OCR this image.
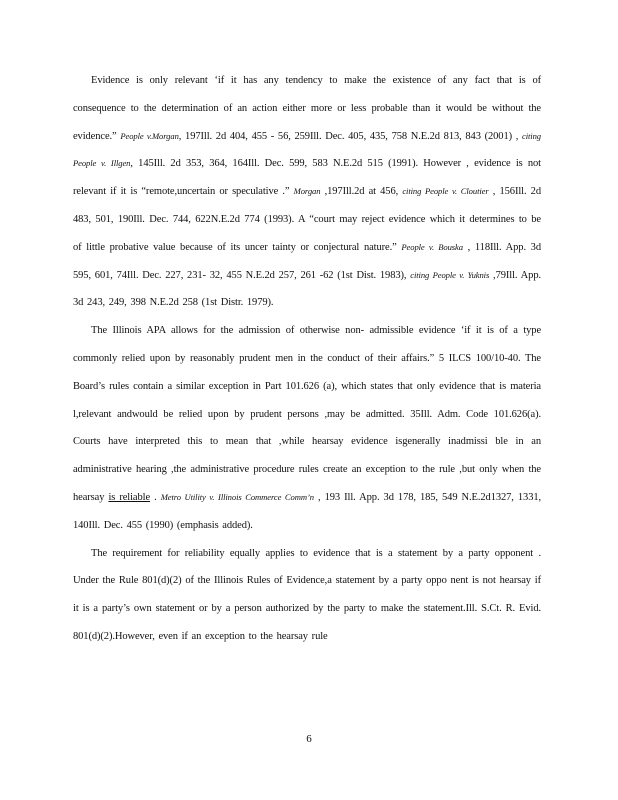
Evidence is only relevant ‘if it has any tendency to make the existence of any fact that is of consequence to the determination of an action either more or less probable than it would be without the evidence.” People v.Morgan, 197Ill. 2d 404, 455 - 56, 259Ill. Dec. 405, 435, 758 N.E.2d 813, 843 (2001) , citing People v. Illgen, 145Ill. 2d 353, 364, 164Ill. Dec. 599, 583 N.E.2d 515 (1991). However , evidence is not relevant if it is “remote,uncertain or speculative .” Morgan ,197Ill.2d at 456, citing People v. Cloutier , 156Ill. 2d 483, 501, 190Ill. Dec. 744, 622N.E.2d 774 (1993). A “court may reject evidence which it determines to be of little probative value because of its uncer tainty or conjectural nature.” People v. Bouska , 118Ill. App. 3d 595, 601, 74Ill. Dec. 227, 231- 32, 455 N.E.2d 257, 261 -62 (1st Dist. 1983), citing People v. Yuknis ,79Ill. App. 3d 243, 249, 398 N.E.2d 258 (1st Distr. 1979).

The Illinois APA allows for the admission of otherwise non- admissible evidence ‘if it is of a type commonly relied upon by reasonably prudent men in the conduct of their affairs.” 5 ILCS 100/10-40. The Board’s rules contain a similar exception in Part 101.626 (a), which states that only evidence that is materia l,relevant andwould be relied upon by prudent persons ,may be admitted. 35Ill. Adm. Code 101.626(a). Courts have interpreted this to mean that ,while hearsay evidence isgenerally inadmissi ble in an administrative hearing ,the administrative procedure rules create an exception to the rule ,but only when the hearsay is reliable . Metro Utility v. Illinois Commerce Comm’n , 193 Ill. App. 3d 178, 185, 549 N.E.2d1327, 1331, 140Ill. Dec. 455 (1990) (emphasis added).

The requirement for reliability equally applies to evidence that is a statement by a party opponent . Under the Rule 801(d)(2) of the Illinois Rules of Evidence,a statement by a party oppo nent is not hearsay if it is a party’s own statement or by a person authorized by the party to make the statement.Ill. S.Ct. R. Evid. 801(d)(2).However, even if an exception to the hearsay rule

6
